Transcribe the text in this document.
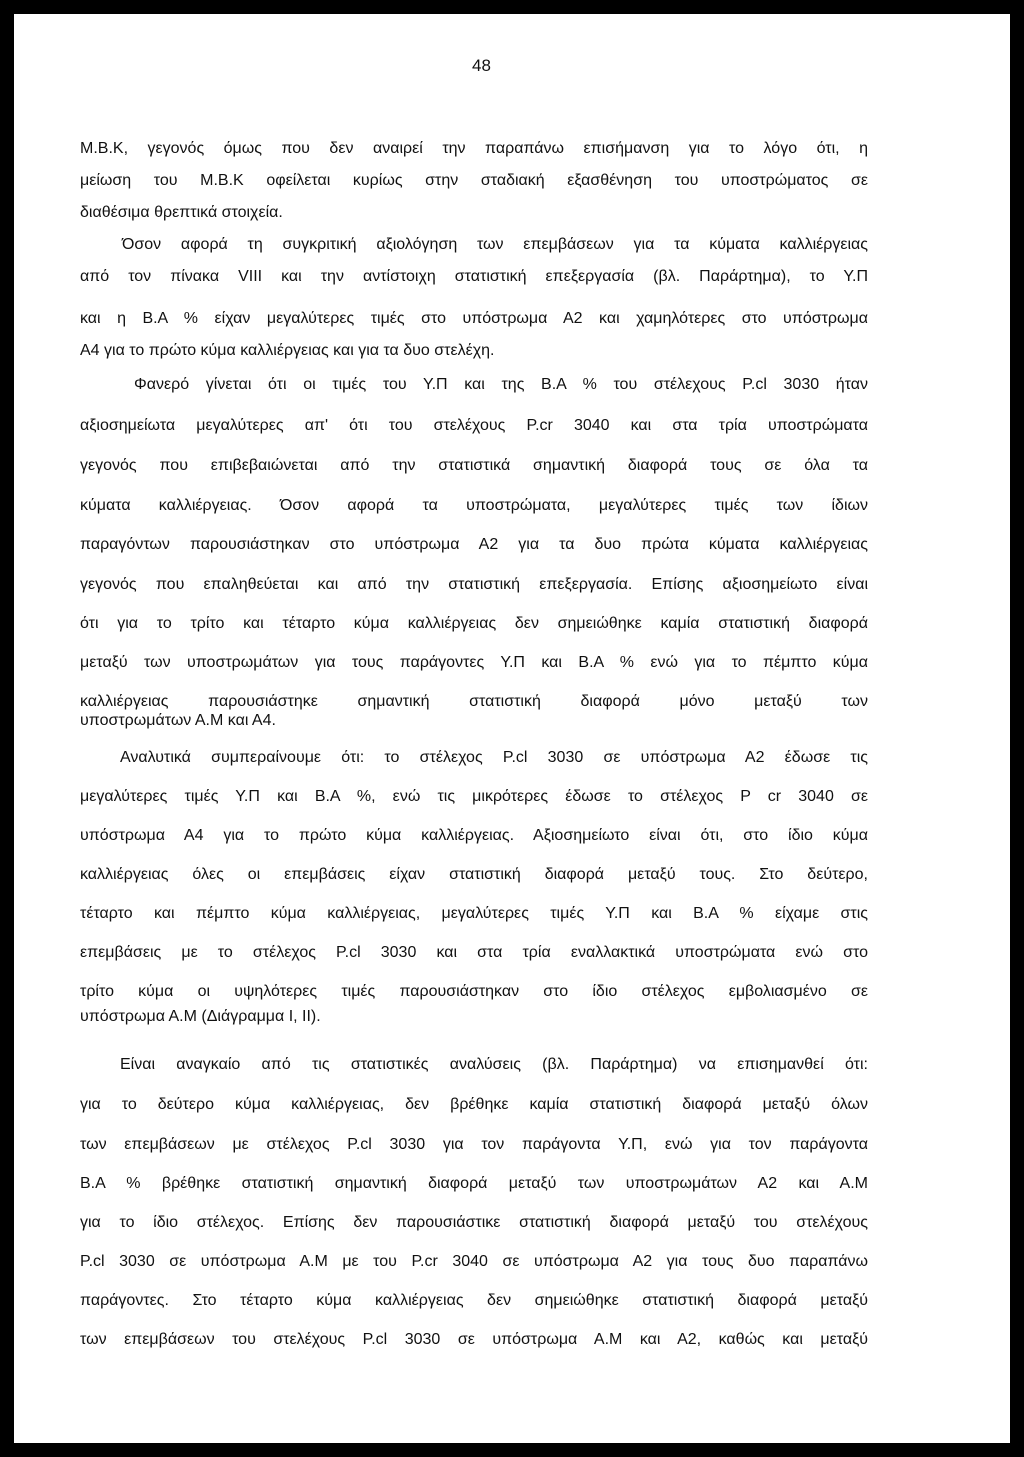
48
Μ.Β.Κ, γεγονός όμως που δεν αναιρεί την παραπάνω επισήμανση για το λόγο ότι, η
μείωση του Μ.Β.Κ οφείλεται κυρίως στην σταδιακή εξασθένηση του υποστρώματος σε
διαθέσιμα θρεπτικά στοιχεία.
Όσον αφορά τη συγκριτική αξιολόγηση των επεμβάσεων για τα κύματα καλλιέργειας
από τον πίνακα VIII και την αντίστοιχη στατιστική επεξεργασία (βλ. Παράρτημα), το Υ.Π
και η Β.Α % είχαν μεγαλύτερες τιμές στο υπόστρωμα Α2 και χαμηλότερες στο υπόστρωμα
Α4 για το πρώτο κύμα καλλιέργειας και για τα δυο στελέχη.
Φανερό γίνεται ότι οι τιμές του Υ.Π και της Β.Α % του στέλεχους P.cl 3030 ήταν
αξιοσημείωτα μεγαλύτερες απ' ότι του στελέχους P.cr 3040 και στα τρία υποστρώματα
γεγονός που επιβεβαιώνεται από την στατιστικά σημαντική διαφορά τους σε όλα τα
κύματα καλλιέργειας. Όσον αφορά τα υποστρώματα, μεγαλύτερες τιμές των ίδιων
παραγόντων παρουσιάστηκαν στο υπόστρωμα Α2 για τα δυο πρώτα κύματα καλλιέργειας
γεγονός που επαληθεύεται και από την στατιστική επεξεργασία. Επίσης αξιοσημείωτο είναι
ότι για το τρίτο και τέταρτο κύμα καλλιέργειας δεν σημειώθηκε καμία στατιστική διαφορά
μεταξύ των υποστρωμάτων για τους παράγοντες Υ.Π και Β.Α % ενώ για το πέμπτο κύμα
καλλιέργειας παρουσιάστηκε σημαντική στατιστική διαφορά μόνο μεταξύ των
υποστρωμάτων Α.Μ και Α4.
Αναλυτικά συμπεραίνουμε ότι: το στέλεχος P.cl 3030 σε υπόστρωμα Α2 έδωσε τις
μεγαλύτερες τιμές Υ.Π και Β.Α %, ενώ τις μικρότερες έδωσε το στέλεχος P cr 3040 σε
υπόστρωμα Α4 για το πρώτο κύμα καλλιέργειας. Αξιοσημείωτο είναι ότι, στο ίδιο κύμα
καλλιέργειας όλες οι επεμβάσεις είχαν στατιστική διαφορά μεταξύ τους. Στο δεύτερο,
τέταρτο και πέμπτο κύμα καλλιέργειας, μεγαλύτερες τιμές Υ.Π και Β.Α % είχαμε στις
επεμβάσεις με το στέλεχος P.cl 3030 και στα τρία εναλλακτικά υποστρώματα ενώ στο
τρίτο κύμα οι υψηλότερες τιμές παρουσιάστηκαν στο ίδιο στέλεχος εμβολιασμένο σε
υπόστρωμα Α.Μ (Διάγραμμα Ι, ΙΙ).
Είναι αναγκαίο από τις στατιστικές αναλύσεις (βλ. Παράρτημα) να επισημανθεί ότι:
για το δεύτερο κύμα καλλιέργειας, δεν βρέθηκε καμία στατιστική διαφορά μεταξύ όλων
των επεμβάσεων με στέλεχος P.cl 3030 για τον παράγοντα Υ.Π, ενώ για τον παράγοντα
Β.Α % βρέθηκε στατιστική σημαντική διαφορά μεταξύ των υποστρωμάτων Α2 και Α.Μ
για το ίδιο στέλεχος. Επίσης δεν παρουσιάστικε στατιστική διαφορά μεταξύ του στελέχους
P.cl 3030 σε υπόστρωμα Α.Μ με του P.cr 3040 σε υπόστρωμα Α2 για τους δυο παραπάνω
παράγοντες. Στο τέταρτο κύμα καλλιέργειας δεν σημειώθηκε στατιστική διαφορά μεταξύ
των επεμβάσεων του στελέχους P.cl 3030 σε υπόστρωμα Α.Μ και Α2, καθώς και μεταξύ
